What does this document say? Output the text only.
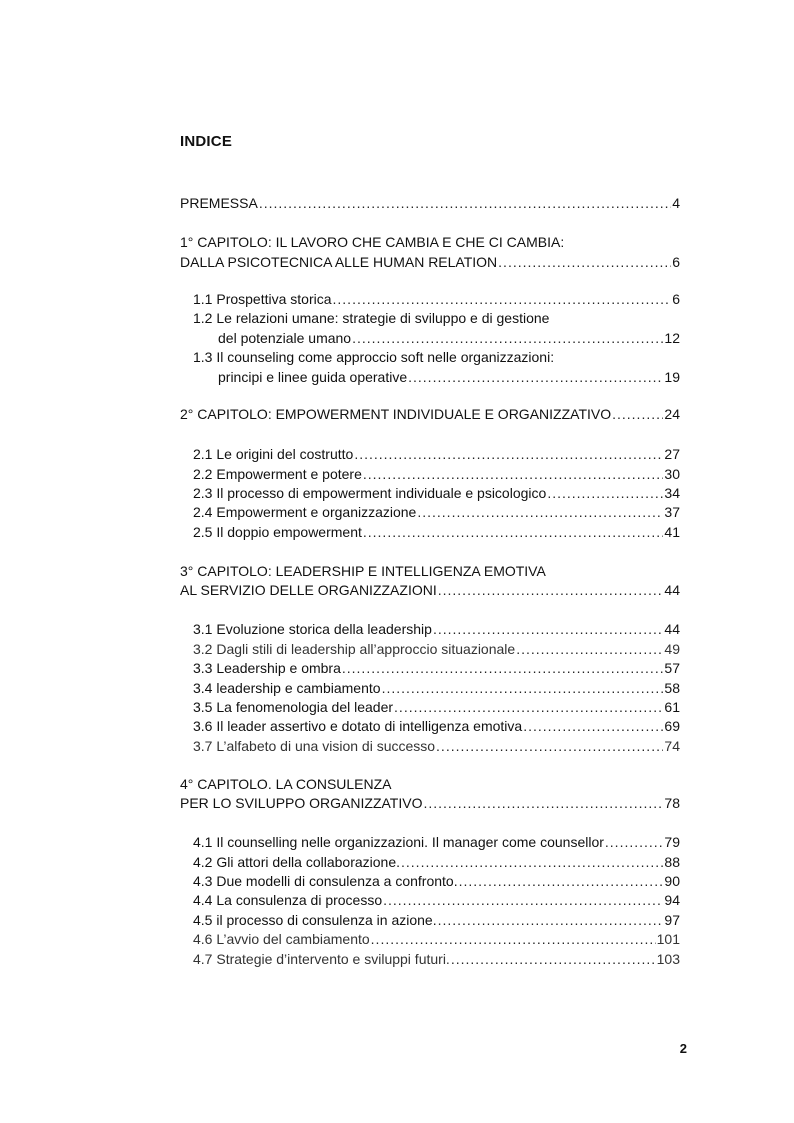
INDICE
PREMESSA .....	4
1° CAPITOLO: IL LAVORO CHE CAMBIA E CHE CI CAMBIA:
DALLA PSICOTECNICA ALLE HUMAN RELATION .....	6
1.1 Prospettiva storica .....	6
1.2 Le relazioni umane: strategie di sviluppo e di gestione
del potenziale umano .....	12
1.3 Il counseling come approccio soft nelle organizzazioni:
principi e linee guida operative .....	19
2° CAPITOLO: EMPOWERMENT INDIVIDUALE E ORGANIZZATIVO .....	24
2.1 Le origini del costrutto .....	27
2.2 Empowerment e potere .....	30
2.3 Il processo di empowerment individuale e psicologico .....	34
2.4 Empowerment e organizzazione .....	37
2.5 Il doppio empowerment .....	41
3° CAPITOLO: LEADERSHIP E INTELLIGENZA EMOTIVA
AL SERVIZIO DELLE ORGANIZZAZIONI .....	44
3.1 Evoluzione storica della leadership .....	44
3.2 Dagli stili di leadership all’approccio situazionale .....	49
3.3 Leadership e ombra .....	57
3.4 leadership e cambiamento .....	58
3.5 La fenomenologia del leader .....	61
3.6 Il leader assertivo e dotato di intelligenza emotiva .....	69
3.7 L’alfabeto di una vision di successo .....	74
4° CAPITOLO. LA CONSULENZA
PER LO SVILUPPO ORGANIZZATIVO .....	78
4.1 Il counselling nelle organizzazioni. Il manager come counsellor .....	79
4.2 Gli attori della collaborazione. .....	88
4.3 Due modelli di consulenza a confronto. .....	90
4.4 La consulenza di processo .....	94
4.5 il processo di consulenza in azione. .....	97
4.6 L’avvio del cambiamento .....	101
4.7 Strategie d’intervento e sviluppi futuri. .....	103
2
